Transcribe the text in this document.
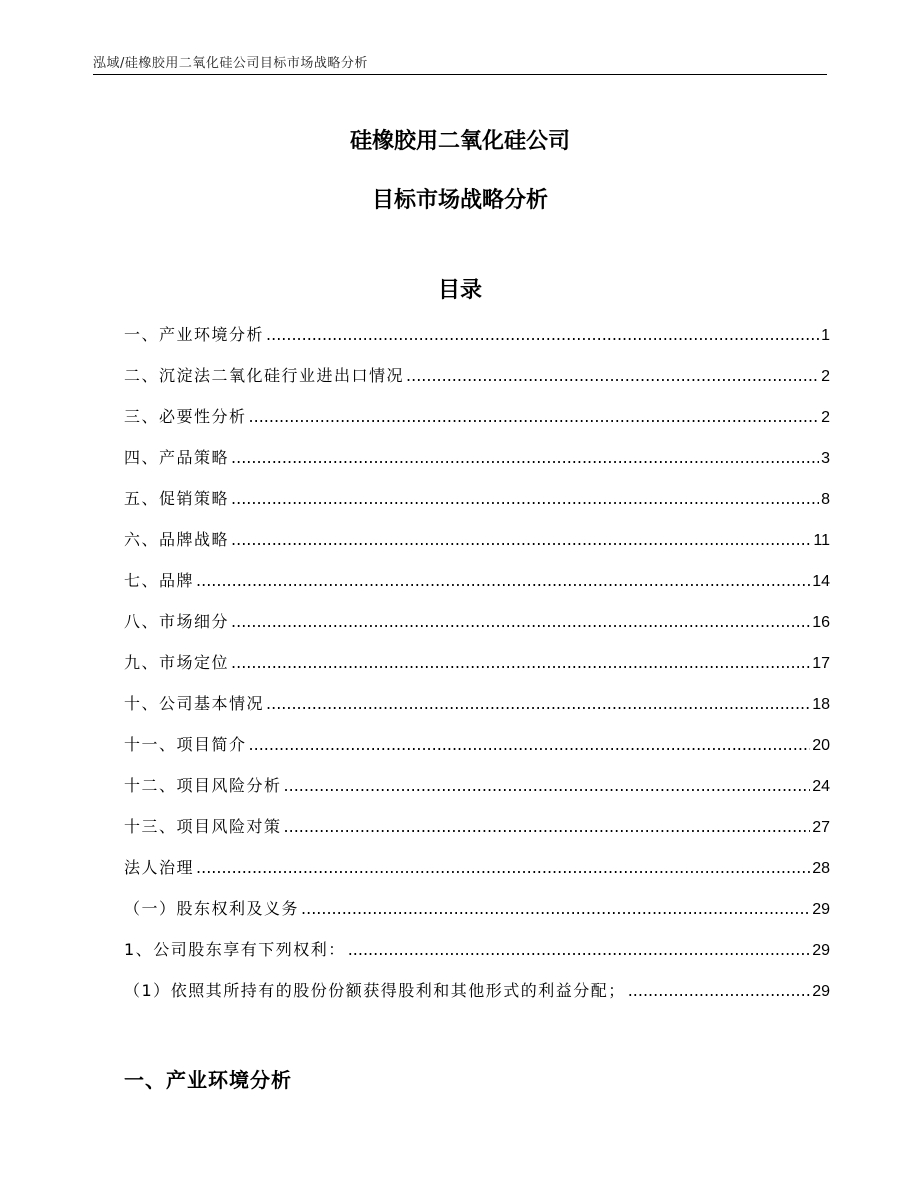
泓域/硅橡胶用二氧化硅公司目标市场战略分析
硅橡胶用二氧化硅公司
目标市场战略分析
目录
一、 产业环境分析 .....	1
二、 沉淀法二氧化硅行业进出口情况 .....	2
三、 必要性分析 .....	2
四、 产品策略 .....	3
五、 促销策略 .....	8
六、 品牌战略 .....	11
七、 品牌 .....	14
八、 市场细分 .....	16
九、 市场定位 .....	17
十、 公司基本情况 .....	18
十一、 项目简介 .....	20
十二、 项目风险分析 .....	24
十三、 项目风险对策 .....	27
法人治理 .....	28
（一） 股东权利及义务 .....	29
1、 公司股东享有下列权利： .....	29
（1） 依照其所持有的股份份额获得股利和其他形式的利益分配； .....	29
一、产业环境分析
